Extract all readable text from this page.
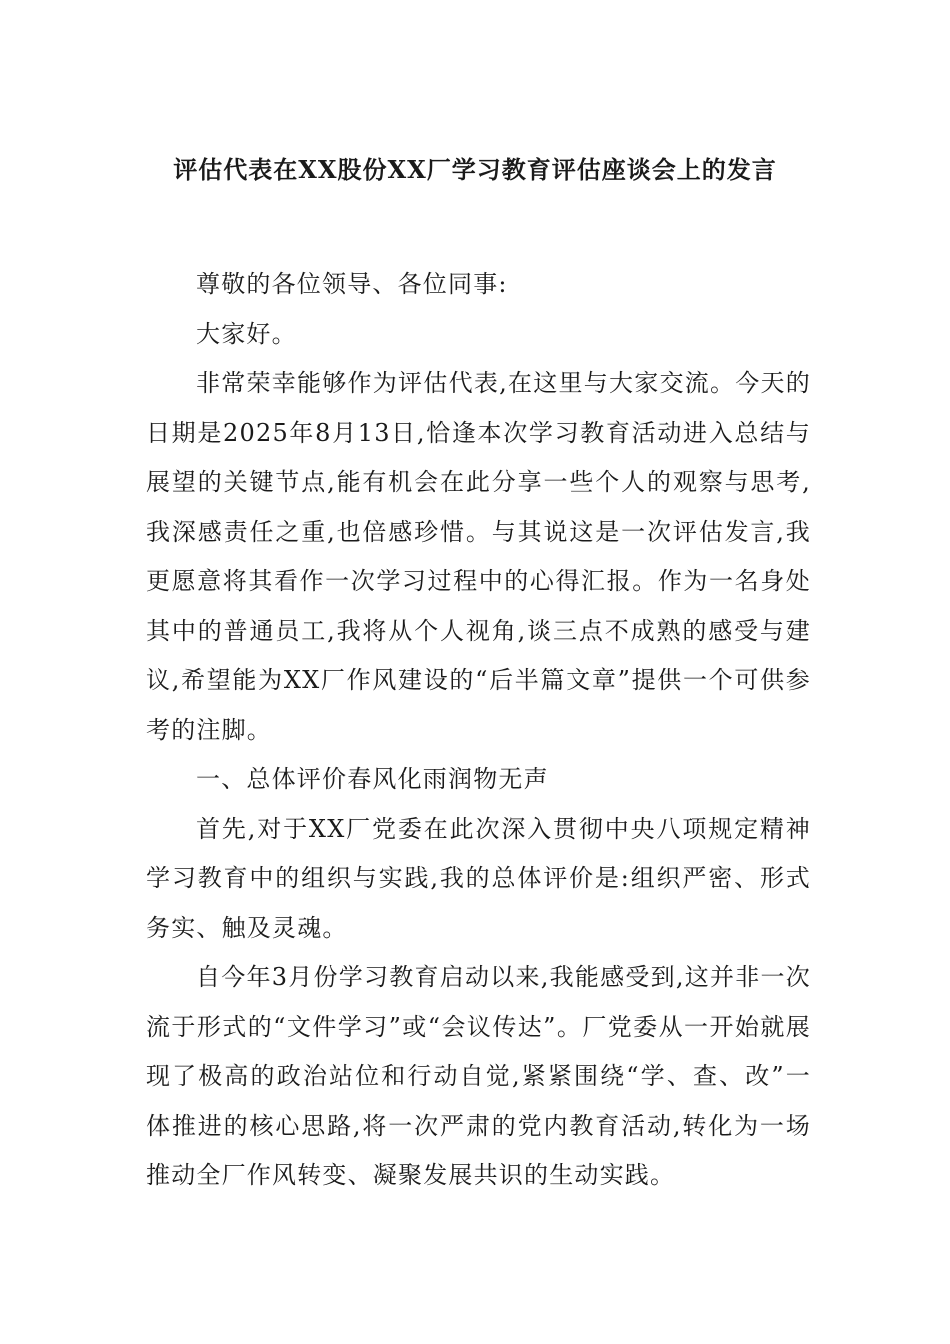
评估代表在XX股份XX厂学习教育评估座谈会上的发言

尊敬的各位领导、各位同事:

大家好。

非常荣幸能够作为评估代表,在这里与大家交流。今天的日期是2025年8月13日,恰逢本次学习教育活动进入总结与展望的关键节点,能有机会在此分享一些个人的观察与思考,我深感责任之重,也倍感珍惜。与其说这是一次评估发言,我更愿意将其看作一次学习过程中的心得汇报。作为一名身处其中的普通员工,我将从个人视角,谈三点不成熟的感受与建议,希望能为XX厂作风建设的“后半篇文章”提供一个可供参考的注脚。

一、总体评价春风化雨润物无声

首先,对于XX厂党委在此次深入贯彻中央八项规定精神学习教育中的组织与实践,我的总体评价是:组织严密、形式务实、触及灵魂。

自今年3月份学习教育启动以来,我能感受到,这并非一次流于形式的“文件学习”或“会议传达”。厂党委从一开始就展现了极高的政治站位和行动自觉,紧紧围绕“学、查、改”一体推进的核心思路,将一次严肃的党内教育活动,转化为一场推动全厂作风转变、凝聚发展共识的生动实践。
